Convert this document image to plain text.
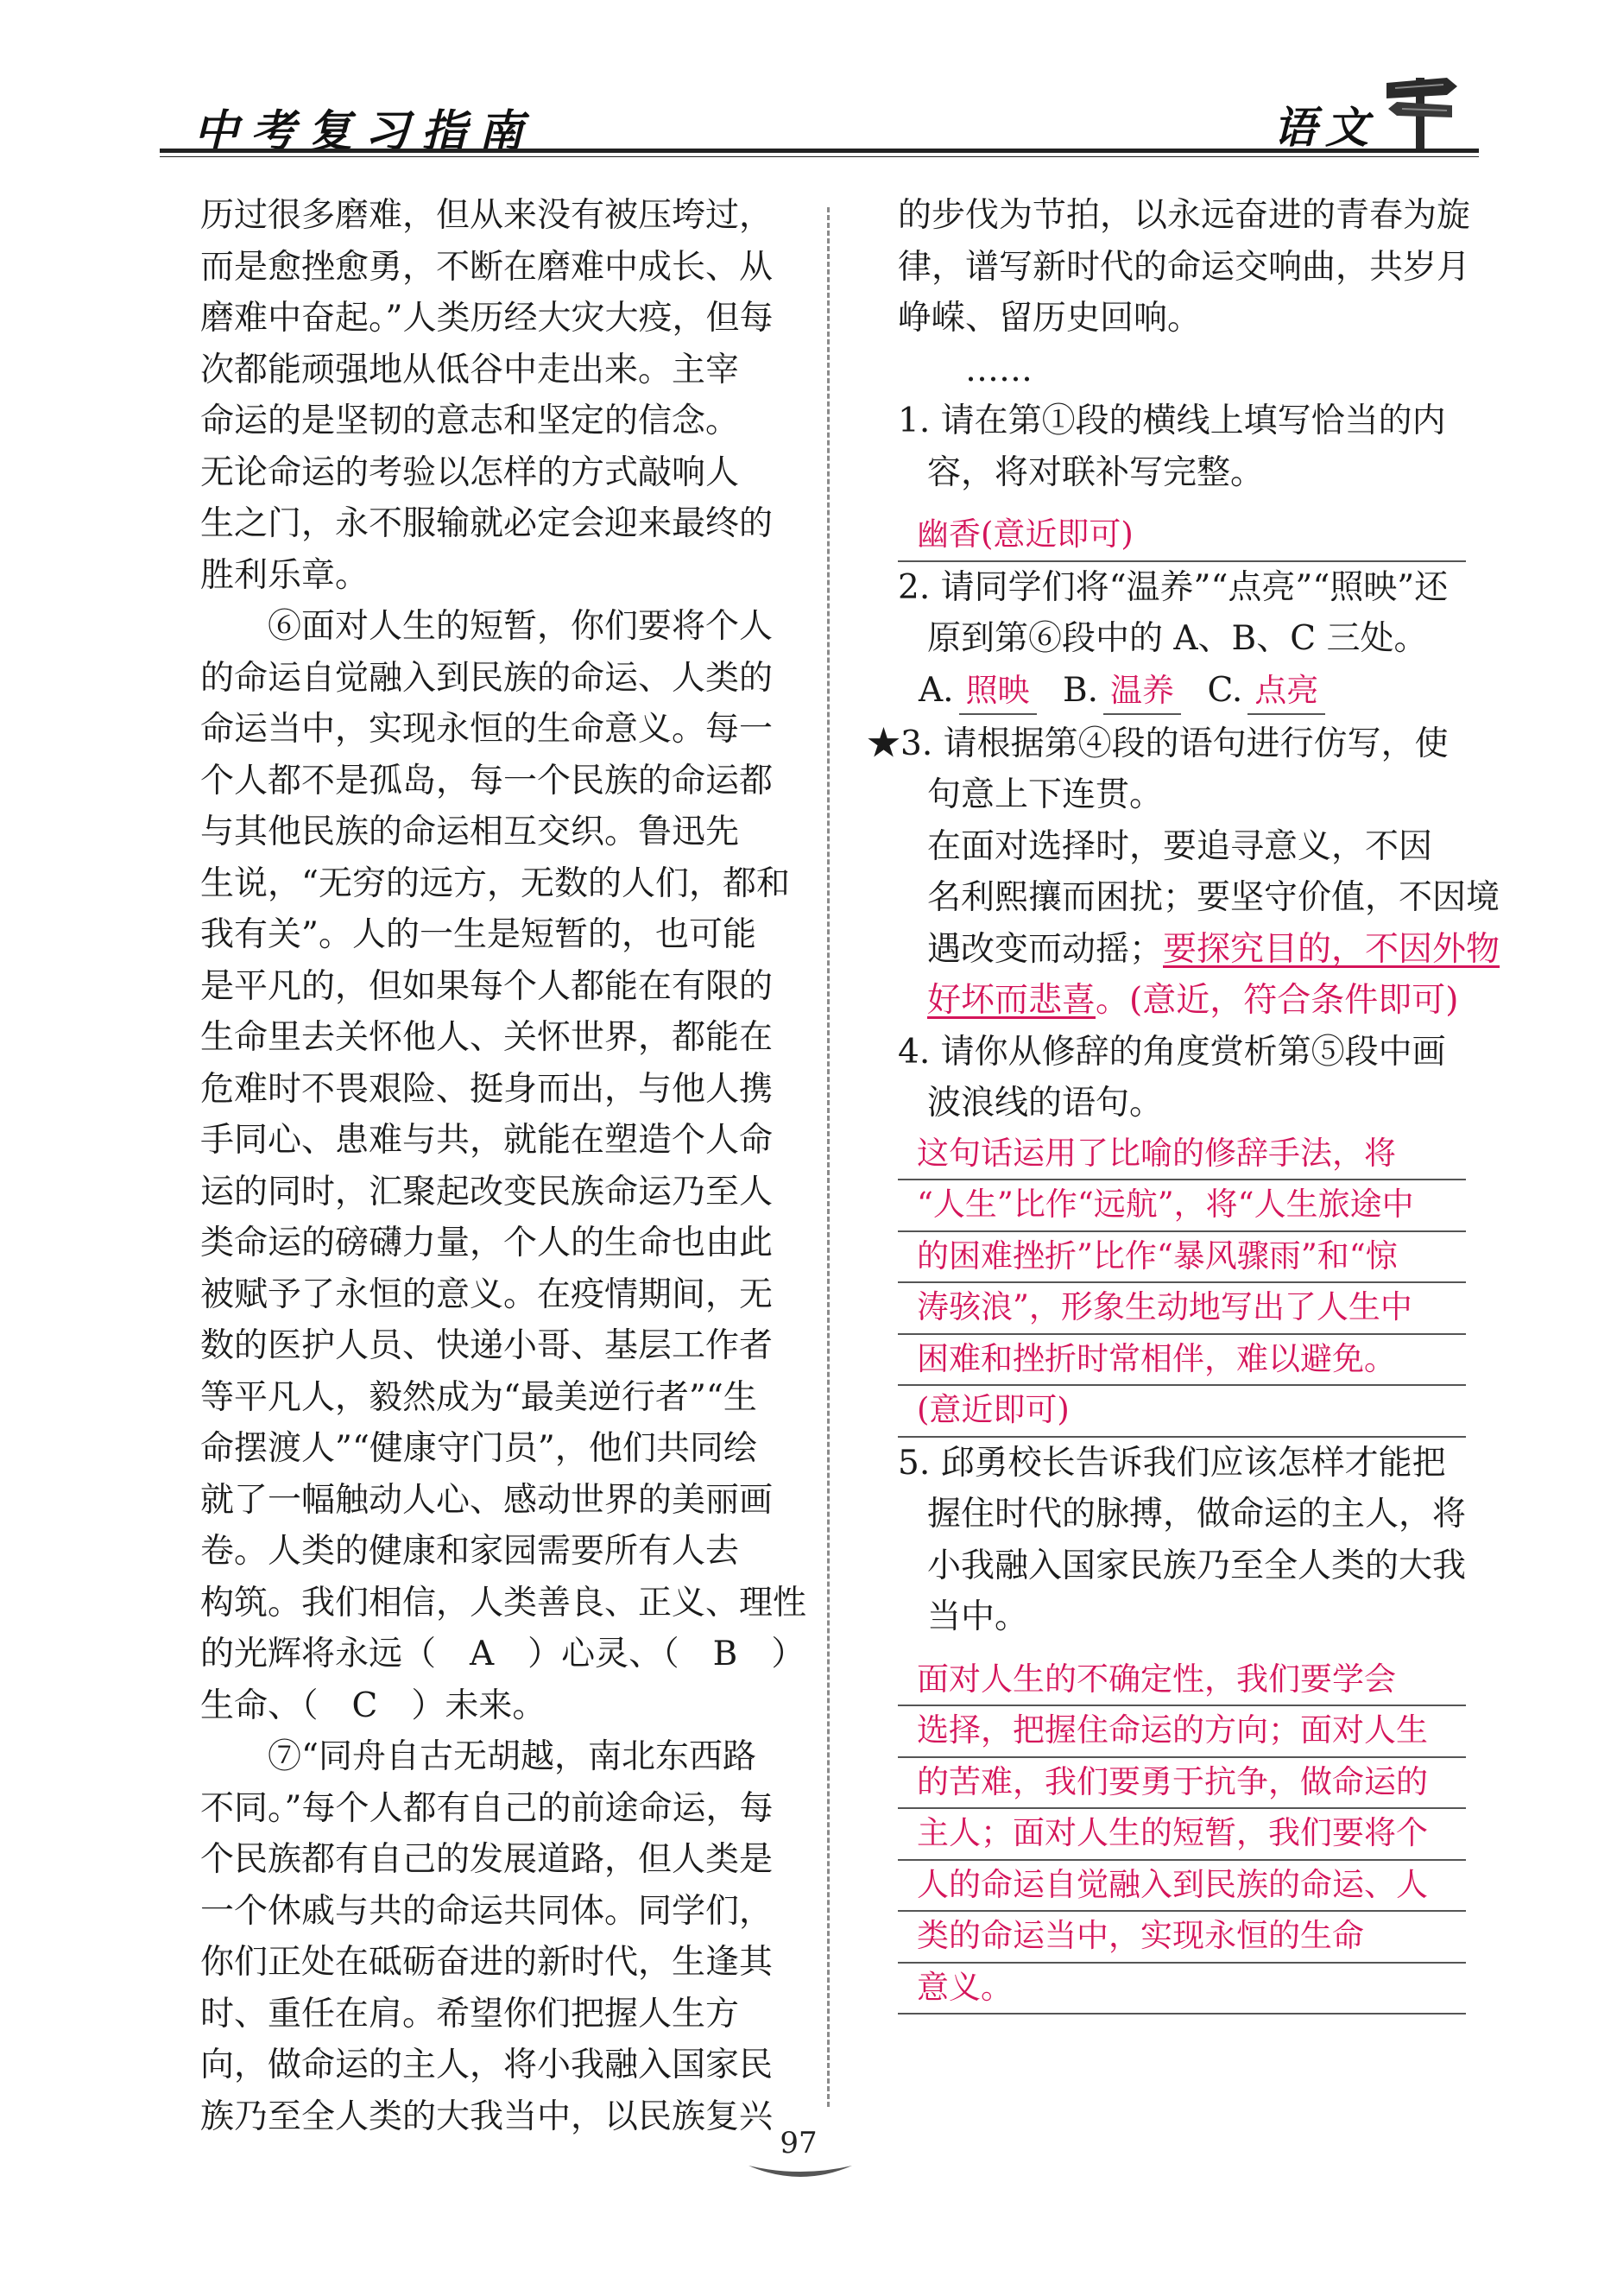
中考复习指南	语文
历过很多磨难，但从来没有被压垮过，
而是愈挫愈勇，不断在磨难中成长、从
磨难中奋起。”人类历经大灾大疫，但每
次都能顽强地从低谷中走出来。主宰
命运的是坚韧的意志和坚定的信念。
无论命运的考验以怎样的方式敲响人
生之门，永不服输就必定会迎来最终的
胜利乐章。
⑥面对人生的短暂，你们要将个人
的命运自觉融入到民族的命运、人类的
命运当中，实现永恒的生命意义。每一
个人都不是孤岛，每一个民族的命运都
与其他民族的命运相互交织。鲁迅先
生说，“无穷的远方，无数的人们，都和
我有关”。人的一生是短暂的，也可能
是平凡的，但如果每个人都能在有限的
生命里去关怀他人、关怀世界，都能在
危难时不畏艰险、挺身而出，与他人携
手同心、患难与共，就能在塑造个人命
运的同时，汇聚起改变民族命运乃至人
类命运的磅礴力量，个人的生命也由此
被赋予了永恒的意义。在疫情期间，无
数的医护人员、快递小哥、基层工作者
等平凡人，毅然成为“最美逆行者”“生
命摆渡人”“健康守门员”，他们共同绘
就了一幅触动人心、感动世界的美丽画
卷。人类的健康和家园需要所有人去
构筑。我们相信，人类善良、正义、理性
的光辉将永远（　A　）心灵、（　B　）
生命、（　C　）未来。
⑦“同舟自古无胡越，南北东西路
不同。”每个人都有自己的前途命运，每
个民族都有自己的发展道路，但人类是
一个休戚与共的命运共同体。同学们，
你们正处在砥砺奋进的新时代，生逢其
时、重任在肩。希望你们把握人生方
向，做命运的主人，将小我融入国家民
族乃至全人类的大我当中，以民族复兴
的步伐为节拍，以永远奋进的青春为旋
律，谱写新时代的命运交响曲，共岁月
峥嵘、留历史回响。
……
1. 请在第①段的横线上填写恰当的内
容，将对联补写完整。
幽香(意近即可)
2. 请同学们将“温养”“点亮”“照映”还
原到第⑥段中的 A、B、C 三处。
A. 照映 B. 温养 C. 点亮
★3. 请根据第④段的语句进行仿写，使
句意上下连贯。
在面对选择时，要追寻意义，不因
名利熙攘而困扰；要坚守价值，不因境
遇改变而动摇；要探究目的，不因外物
好坏而悲喜。(意近，符合条件即可)
4. 请你从修辞的角度赏析第⑤段中画
波浪线的语句。
这句话运用了比喻的修辞手法，将
“人生”比作“远航”，将“人生旅途中
的困难挫折”比作“暴风骤雨”和“惊
涛骇浪”，形象生动地写出了人生中
困难和挫折时常相伴，难以避免。
(意近即可)
5. 邱勇校长告诉我们应该怎样才能把
握住时代的脉搏，做命运的主人，将
小我融入国家民族乃至全人类的大我
当中。
面对人生的不确定性，我们要学会
选择，把握住命运的方向；面对人生
的苦难，我们要勇于抗争，做命运的
主人；面对人生的短暂，我们要将个
人的命运自觉融入到民族的命运、人
类的命运当中，实现永恒的生命
意义。
97
